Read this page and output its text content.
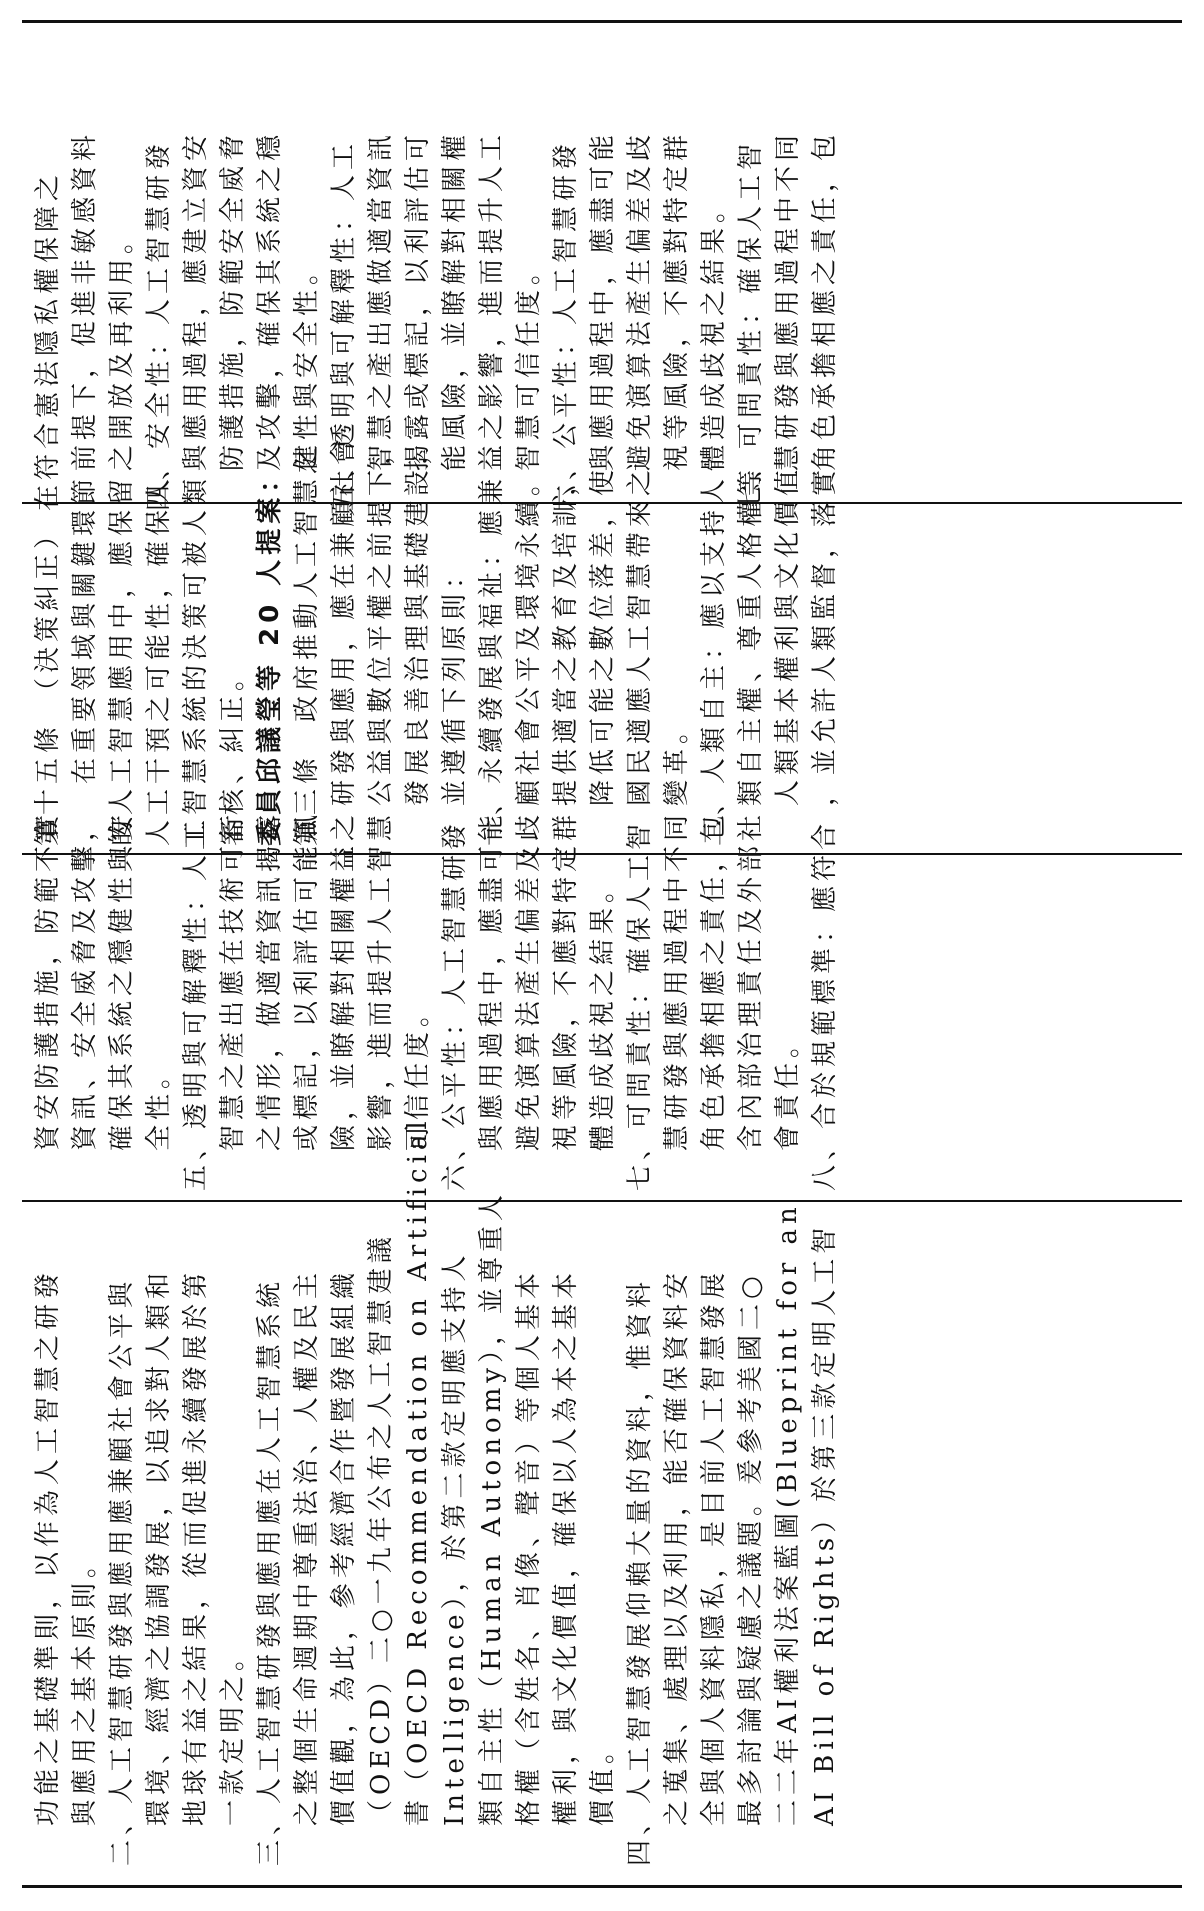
在符合憲法隱私權保障之 前提下，促進非敏感資料 之開放及再利用。 四、安全性：人工智慧研發 與應用過程，應建立資安 防護措施，防範安全威脅 及攻擊，確保其系統之穩 健性與安全性。 五、透明與可解釋性：人工 智慧之產出應做適當資訊 揭露或標記，以利評估可 能風險，並瞭解對相關權 益之影響，進而提升人工 智慧可信任度。 六、公平性：人工智慧研發 與應用過程中，應盡可能 避免演算法產生偏差及歧 視等風險，不應對特定群 體造成歧視之結果。 七、可問責性：確保人工智 慧研發與應用過程中不同 角色承擔相應之責任，包

第十五條　（決策糾正） 　　在重要領域與關鍵環節 的人工智慧應用中，應保留 人工干預之可能性，確保人 工智慧系統的決策可被人類 審核、糾正。 委員邱議瑩等 20 人提案： 第三條　政府推動人工智慧之 研發與應用，應在兼顧社會 公益與數位平權之前提下， 發展良善治理與基礎建設， 並遵循下列原則： 一、永續發展與福祉：應兼 顧社會公平及環境永續。 提供適當之教育及培訓， 降低可能之數位落差，使 國民適應人工智慧帶來之 變革。 二、人類自主：應以支持人 類自主權、尊重人格權等 人類基本權利與文化價值 ，並允許人類監督，落實

資安防護措施，防範不實 資訊、安全威脅及攻擊， 確保其系統之穩健性與安 全性。 五、透明與可解釋性：人工 智慧之產出應在技術可行 之情形，做適當資訊揭露 或標記，以利評估可能風 險，並瞭解對相關權益之 影響，進而提升人工智慧 可信任度。 六、公平性：人工智慧研發 與應用過程中，應盡可能 避免演算法產生偏差及歧 視等風險，不應對特定群 體造成歧視之結果。 七、可問責性：確保人工智 慧研發與應用過程中不同 角色承擔相應之責任，包 含內部治理責任及外部社 會責任。 八、合於規範標準：應符合

功能之基礎準則，以作為人工智慧之研發 與應用之基本原則。 二、人工智慧研發與應用應兼顧社會公平與 環境、經濟之協調發展，以追求對人類和 地球有益之結果，從而促進永續發展於第 一款定明之。 三、人工智慧研發與應用應在人工智慧系統 之整個生命週期中尊重法治、人權及民主 價值觀，為此，參考經濟合作暨發展組織 （OECD）二○一九年公布之人工智慧建議 書（OECD Recommendation on Artificial Intelligence），於第二款定明應支持人 類自主性（Human Autonomy），並尊重人 格權（含姓名、肖像、聲音）等個人基本 權利，與文化價值，確保以人為本之基本 價值。 四、人工智慧發展仰賴大量的資料，惟資料 之蒐集、處理以及利用，能否確保資料安 全與個人資料隱私，是目前人工智慧發展 最多討論與疑慮之議題。爰參考美國二○ 二二年AI權利法案藍圖(Blueprint for an AI Bill of Rights）於第三款定明人工智
